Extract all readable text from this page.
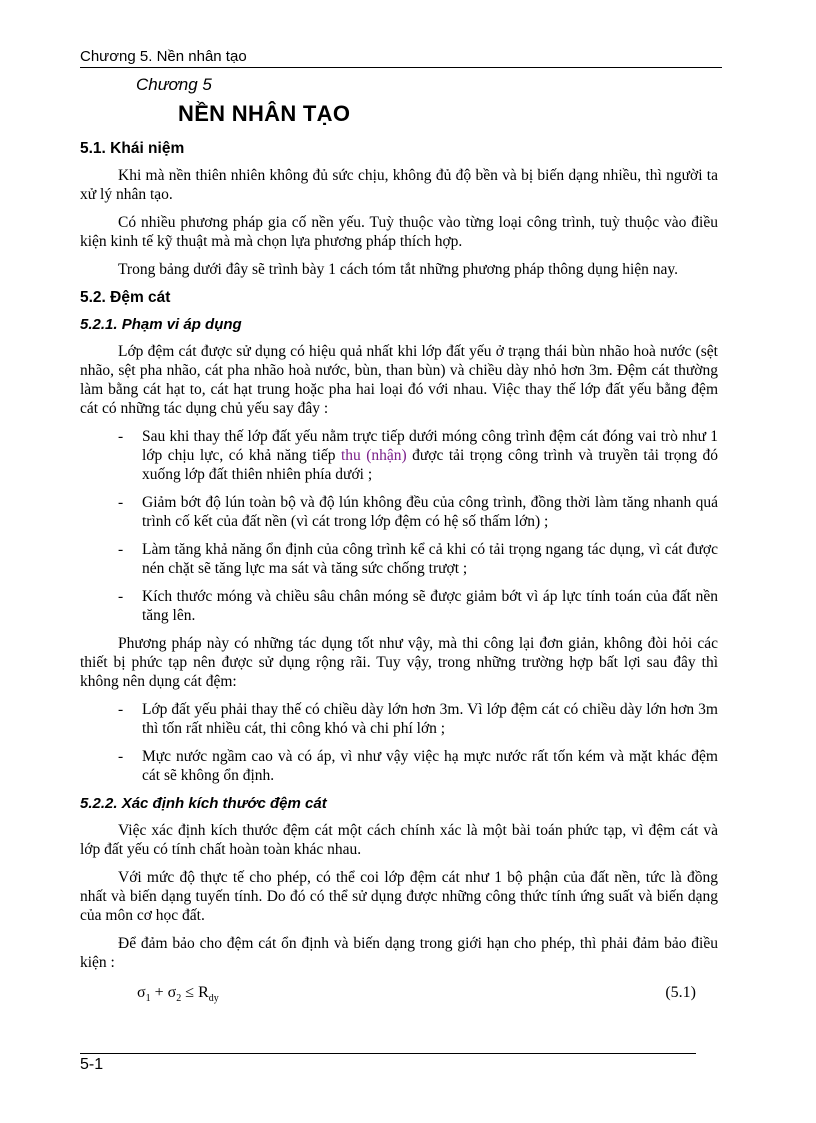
Chương 5. Nền nhân tạo
Chương 5
NỀN NHÂN TẠO
5.1. Khái niệm

Khi mà nền thiên nhiên không đủ sức chịu, không đủ độ bền và bị biến dạng nhiều, thì người ta xử lý nhân tạo.

Có nhiều phương pháp gia cố nền yếu. Tuỳ thuộc vào từng loại công trình, tuỳ thuộc vào điều kiện kinh tế kỹ thuật mà mà chọn lựa phương pháp thích hợp.

Trong bảng dưới đây sẽ trình bày 1 cách tóm tắt những phương pháp thông dụng hiện nay.

5.2. Đệm cát
5.2.1. Phạm vi áp dụng

Lớp đệm cát được sử dụng có hiệu quả nhất khi lớp đất yếu ở trạng thái bùn nhão hoà nước (sệt nhão, sệt pha nhão, cát pha nhão hoà nước, bùn, than bùn) và chiều dày nhỏ hơn 3m. Đệm cát thường làm bằng cát hạt to, cát hạt trung hoặc pha hai loại đó với nhau. Việc thay thế lớp đất yếu bằng đệm cát có những tác dụng chủ yếu say đây :

- Sau khi thay thế lớp đất yếu nằm trực tiếp dưới móng công trình đệm cát đóng vai trò như 1 lớp chịu lực, có khả năng tiếp thu (nhận) được tải trọng công trình và truyền tải trọng đó xuống lớp đất thiên nhiên phía dưới ;
- Giảm bớt độ lún toàn bộ và độ lún không đều của công trình, đồng thời làm tăng nhanh quá trình cố kết của đất nền (vì cát trong lớp đệm có hệ số thấm lớn) ;
- Làm tăng khả năng ổn định của công trình kể cả khi có tải trọng ngang tác dụng, vì cát được nén chặt sẽ tăng lực ma sát và tăng sức chống trượt ;
- Kích thước móng và chiều sâu chân móng sẽ được giảm bớt vì áp lực tính toán của đất nền tăng lên.

Phương pháp này có những tác dụng tốt như vậy, mà thi công lại đơn giản, không đòi hỏi các thiết bị phức tạp nên được sử dụng rộng rãi. Tuy vậy, trong những trường hợp bất lợi sau đây thì không nên dụng cát đệm:

- Lớp đất yếu phải thay thế có chiều dày lớn hơn 3m. Vì lớp đệm cát có chiều dày lớn hơn 3m thì tốn rất nhiều cát, thi công khó và chi phí lớn ;
- Mực nước ngầm cao và có áp, vì như vậy việc hạ mực nước rất tốn kém và mặt khác đệm cát sẽ không ổn định.
5.2.2. Xác định kích thước đệm cát

Việc xác định kích thước đệm cát một cách chính xác là một bài toán phức tạp, vì đệm cát và lớp đất yếu có tính chất hoàn toàn khác nhau.

Với mức độ thực tế cho phép, có thể coi lớp đệm cát như 1 bộ phận của đất nền, tức là đồng nhất và biến dạng tuyến tính. Do đó có thể sử dụng được những công thức tính ứng suất và biến dạng của môn cơ học đất.

Để đảm bảo cho đệm cát ổn định và biến dạng trong giới hạn cho phép, thì phải đảm bảo điều kiện :

$\sigma_1 + \sigma_2 \le R_{dy}$	(5.1)
5-1
